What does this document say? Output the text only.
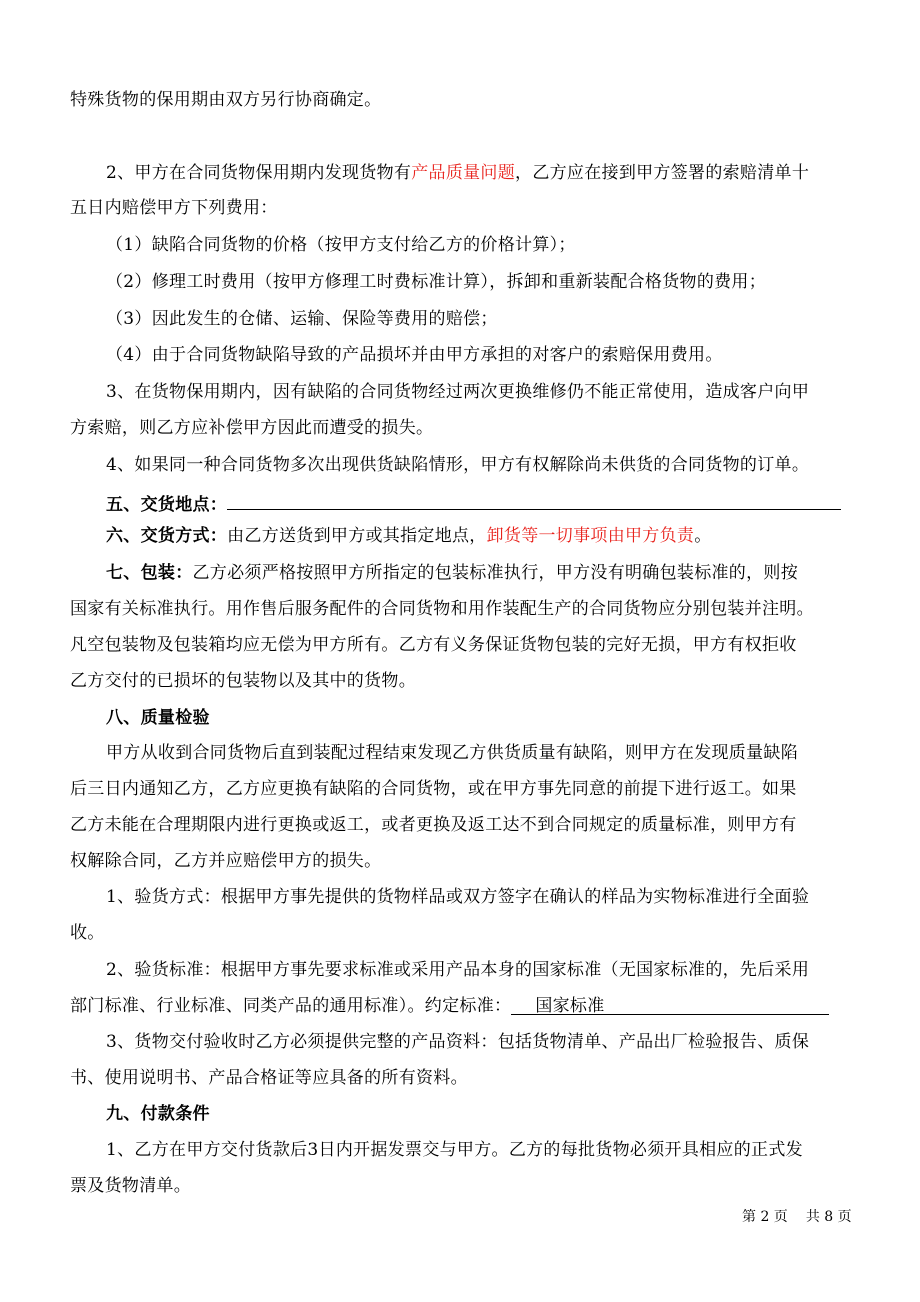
特殊货物的保用期由双方另行协商确定。
2、甲方在合同货物保用期内发现货物有产品质量问题，乙方应在接到甲方签署的索赔清单十
五日内赔偿甲方下列费用：
（1）缺陷合同货物的价格（按甲方支付给乙方的价格计算）；
（2）修理工时费用（按甲方修理工时费标准计算），拆卸和重新装配合格货物的费用；
（3）因此发生的仓储、运输、保险等费用的赔偿；
（4）由于合同货物缺陷导致的产品损坏并由甲方承担的对客户的索赔保用费用。
3、在货物保用期内，因有缺陷的合同货物经过两次更换维修仍不能正常使用，造成客户向甲
方索赔，则乙方应补偿甲方因此而遭受的损失。
4、如果同一种合同货物多次出现供货缺陷情形，甲方有权解除尚未供货的合同货物的订单。
五、交货地点：
六、交货方式：由乙方送货到甲方或其指定地点，卸货等一切事项由甲方负责。
七、包装：乙方必须严格按照甲方所指定的包装标准执行，甲方没有明确包装标准的，则按
国家有关标准执行。用作售后服务配件的合同货物和用作装配生产的合同货物应分别包装并注明。
凡空包装物及包装箱均应无偿为甲方所有。乙方有义务保证货物包装的完好无损，甲方有权拒收
乙方交付的已损坏的包装物以及其中的货物。
八、质量检验
甲方从收到合同货物后直到装配过程结束发现乙方供货质量有缺陷，则甲方在发现质量缺陷
后三日内通知乙方，乙方应更换有缺陷的合同货物，或在甲方事先同意的前提下进行返工。如果
乙方未能在合理期限内进行更换或返工，或者更换及返工达不到合同规定的质量标准，则甲方有
权解除合同，乙方并应赔偿甲方的损失。
1、验货方式：根据甲方事先提供的货物样品或双方签字在确认的样品为实物标准进行全面验
收。
2、验货标准：根据甲方事先要求标准或采用产品本身的国家标准（无国家标准的，先后采用
部门标准、行业标准、同类产品的通用标准）。约定标准： 国家标准
3、货物交付验收时乙方必须提供完整的产品资料：包括货物清单、产品出厂检验报告、质保
书、使用说明书、产品合格证等应具备的所有资料。
九、付款条件
1、乙方在甲方交付货款后3日内开据发票交与甲方。乙方的每批货物必须开具相应的正式发
票及货物清单。
第 2 页 共 8 页
